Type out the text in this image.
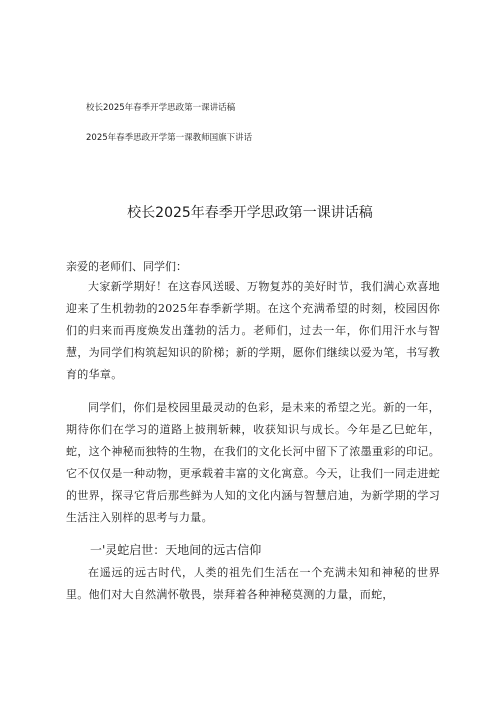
校长2025年春季开学思政第一课讲话稿
2025年春季思政开学第一课教师国旗下讲话
校长2025年春季开学思政第一课讲话稿
亲爱的老师们、同学们：
大家新学期好！在这春风送暖、万物复苏的美好时节，我们满心欢喜地迎来了生机勃勃的2025年春季新学期。在这个充满希望的时刻，校园因你们的归来而再度焕发出蓬勃的活力。老师们，过去一年，你们用汗水与智慧，为同学们构筑起知识的阶梯；新的学期，愿你们继续以爱为笔，书写教育的华章。
同学们，你们是校园里最灵动的色彩，是未来的希望之光。新的一年，期待你们在学习的道路上披荆斩棘，收获知识与成长。今年是乙巳蛇年，蛇，这个神秘而独特的生物，在我们的文化长河中留下了浓墨重彩的印记。它不仅仅是一种动物，更承载着丰富的文化寓意。今天，让我们一同走进蛇的世界，探寻它背后那些鲜为人知的文化内涵与智慧启迪，为新学期的学习生活注入别样的思考与力量。
一'灵蛇启世：天地间的远古信仰
在遥远的远古时代，人类的祖先们生活在一个充满未知和神秘的世界里。他们对大自然满怀敬畏，崇拜着各种神秘莫测的力量，而蛇，
